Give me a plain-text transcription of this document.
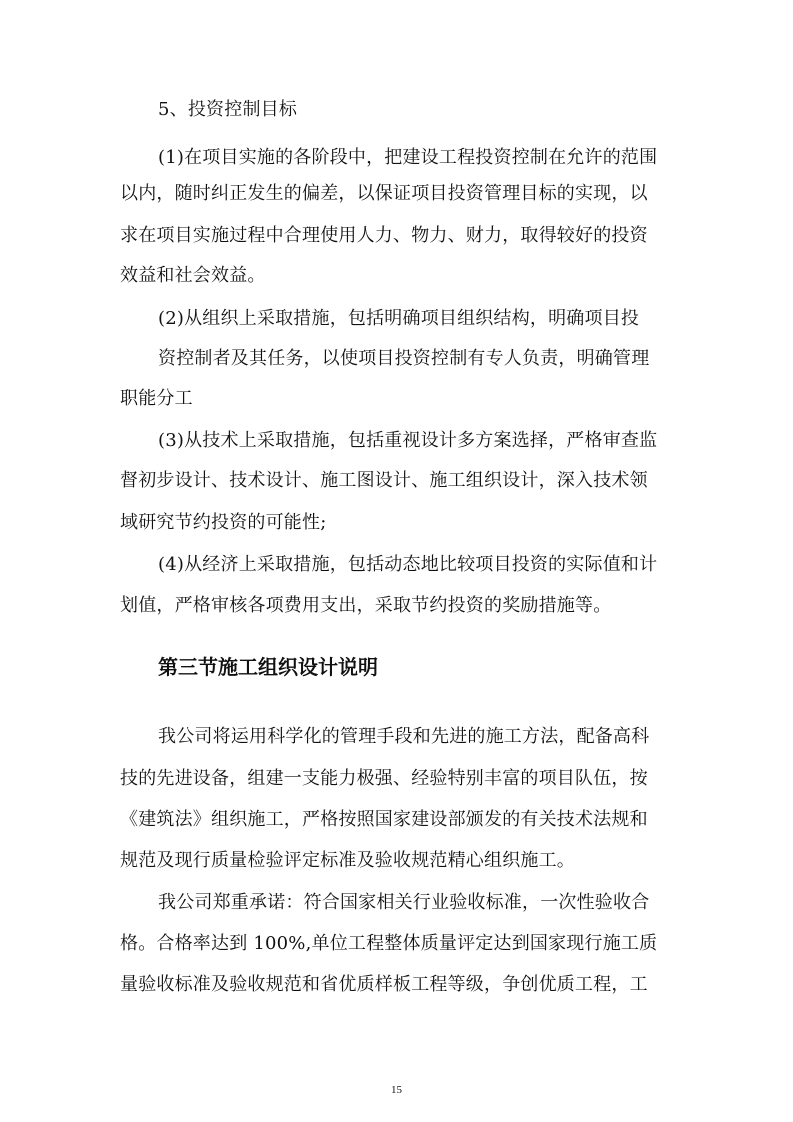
5、投资控制目标
(1)在项目实施的各阶段中，把建设工程投资控制在允许的范围
以内，随时纠正发生的偏差，以保证项目投资管理目标的实现，以
求在项目实施过程中合理使用人力、物力、财力，取得较好的投资
效益和社会效益。
(2)从组织上采取措施，包括明确项目组织结构，明确项目投
资控制者及其任务，以使项目投资控制有专人负责，明确管理
职能分工
(3)从技术上采取措施，包括重视设计多方案选择，严格审查监
督初步设计、技术设计、施工图设计、施工组织设计，深入技术领
域研究节约投资的可能性;
(4)从经济上采取措施，包括动态地比较项目投资的实际值和计
划值，严格审核各项费用支出，采取节约投资的奖励措施等。
第三节施工组织设计说明
我公司将运用科学化的管理手段和先进的施工方法，配备高科
技的先进设备，组建一支能力极强、经验特别丰富的项目队伍，按
《建筑法》组织施工，严格按照国家建设部颁发的有关技术法规和
规范及现行质量检验评定标准及验收规范精心组织施工。
我公司郑重承诺：符合国家相关行业验收标准，一次性验收合
格。合格率达到 100%,单位工程整体质量评定达到国家现行施工质
量验收标准及验收规范和省优质样板工程等级，争创优质工程，工
15
